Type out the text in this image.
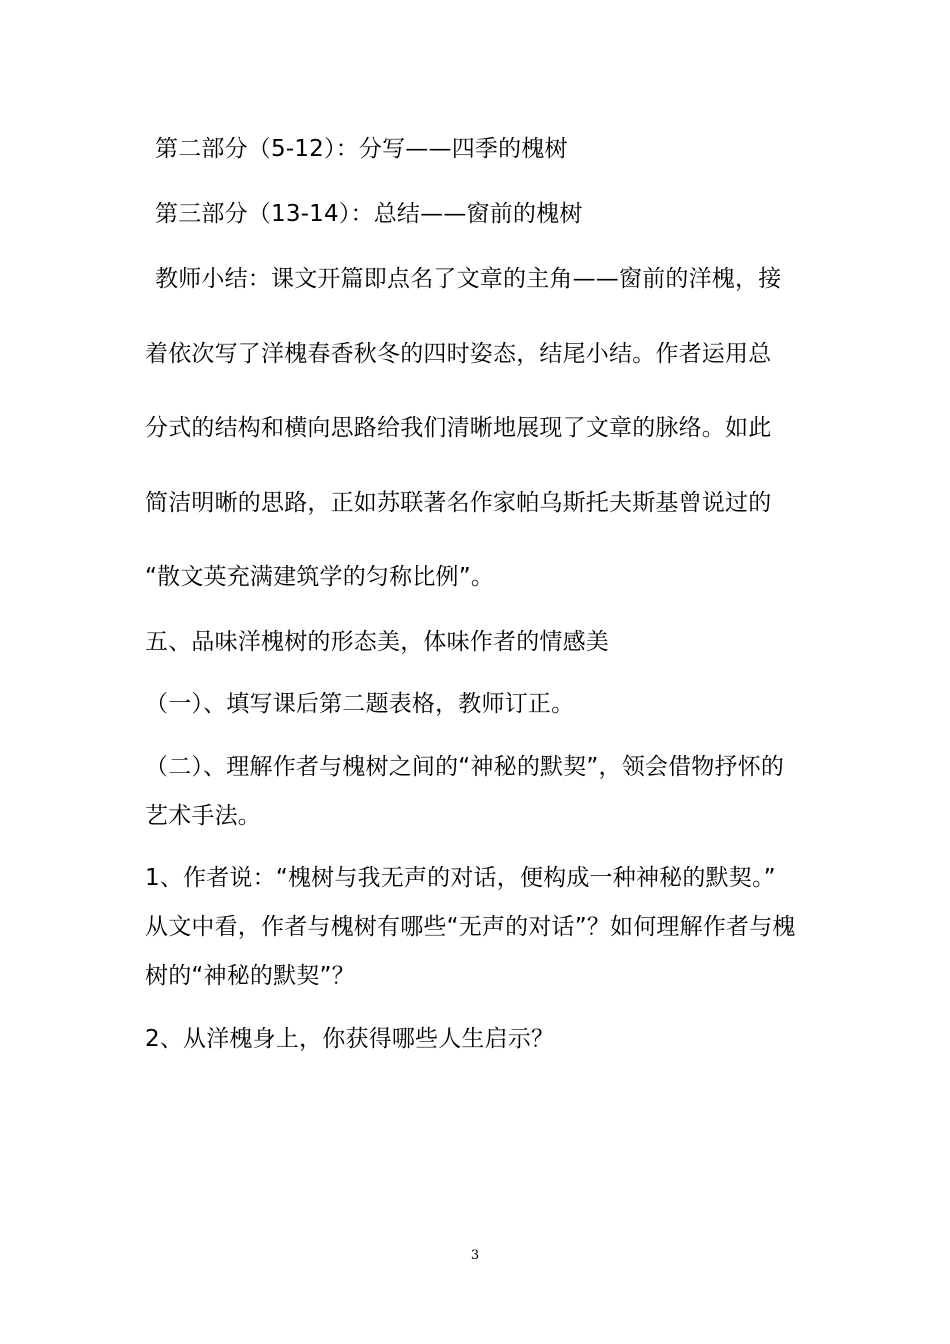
第二部分（5-12）：分写——四季的槐树
第三部分（13-14）：总结——窗前的槐树
教师小结：课文开篇即点名了文章的主角——窗前的洋槐，接
着依次写了洋槐春香秋冬的四时姿态，结尾小结。作者运用总
分式的结构和横向思路给我们清晰地展现了文章的脉络。如此
简洁明晰的思路，正如苏联著名作家帕乌斯托夫斯基曾说过的
“散文英充满建筑学的匀称比例”。
五、品味洋槐树的形态美，体味作者的情感美
（一）、填写课后第二题表格，教师订正。
（二）、理解作者与槐树之间的“神秘的默契”，领会借物抒怀的
艺术手法。
1、作者说：“槐树与我无声的对话，便构成一种神秘的默契。”
从文中看，作者与槐树有哪些“无声的对话”？如何理解作者与槐
树的“神秘的默契”？
2、从洋槐身上，你获得哪些人生启示？
3
